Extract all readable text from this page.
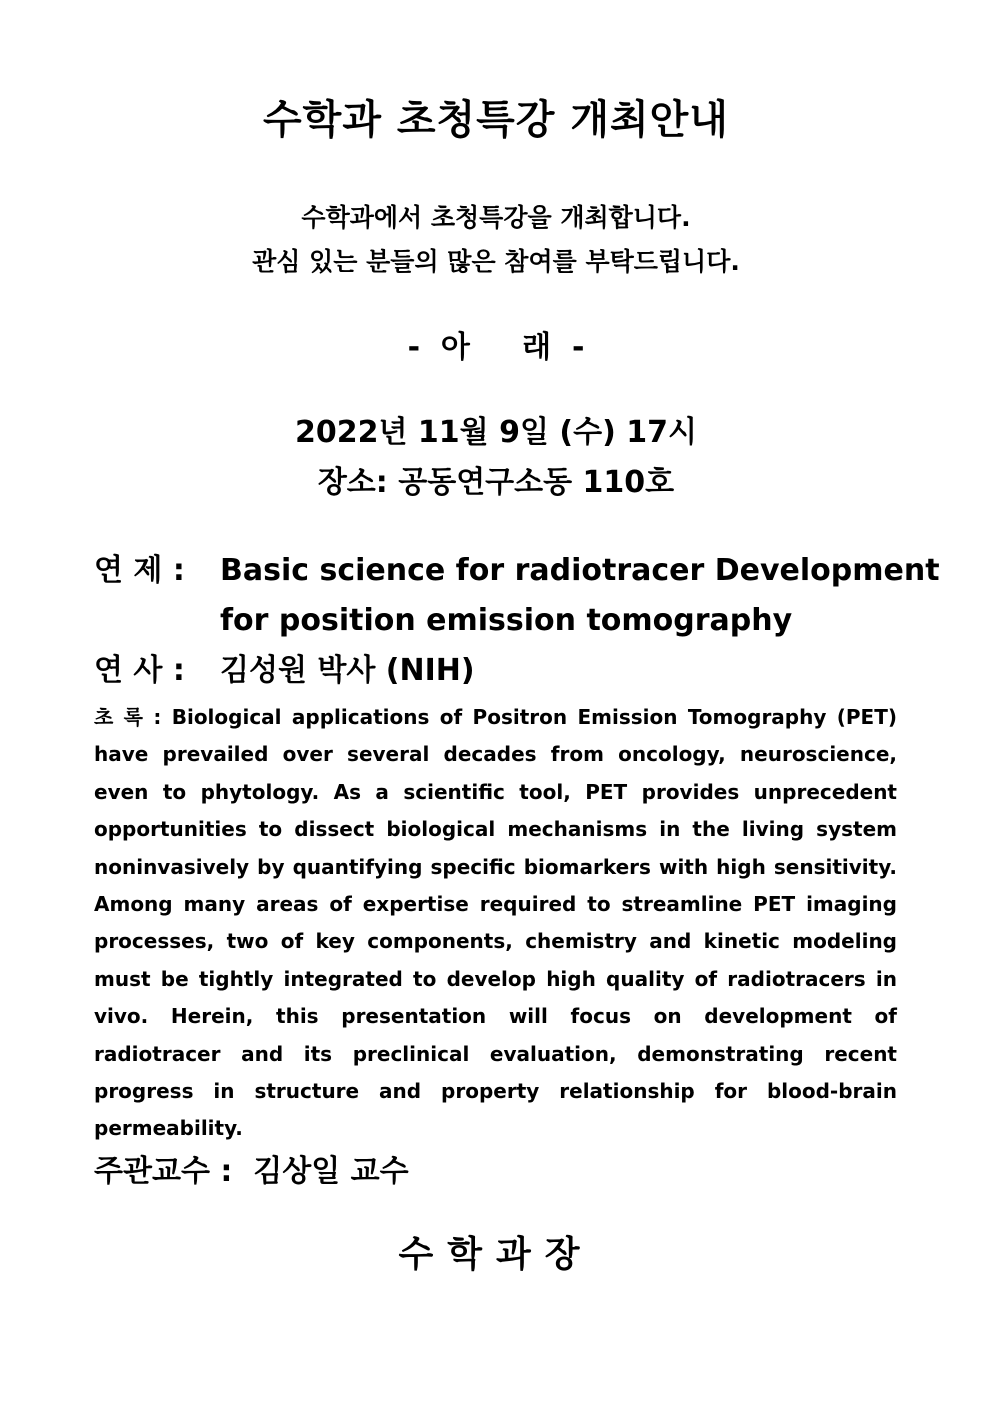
수학과 초청특강 개최안내
수학과에서 초청특강을 개최합니다.
관심 있는 분들의 많은 참여를 부탁드립니다.
-  아     래  -
2022년 11월 9일 (수) 17시
장소: 공동연구소동 110호
연 제 : Basic science for radiotracer Development
for position emission tomography
연 사 : 김성원 박사 (NIH)
초 록 : Biological applications of Positron Emission Tomography (PET) have prevailed over several decades from oncology, neuroscience, even to phytology. As a scientific tool, PET provides unprecedent opportunities to dissect biological mechanisms in the living system noninvasively by quantifying specific biomarkers with high sensitivity. Among many areas of expertise required to streamline PET imaging processes, two of key components, chemistry and kinetic modeling must be tightly integrated to develop high quality of radiotracers in vivo. Herein, this presentation will focus on development of radiotracer and its preclinical evaluation, demonstrating recent progress in structure and property relationship for blood-brain permeability.
주관교수 :  김상일 교수
수학과장
